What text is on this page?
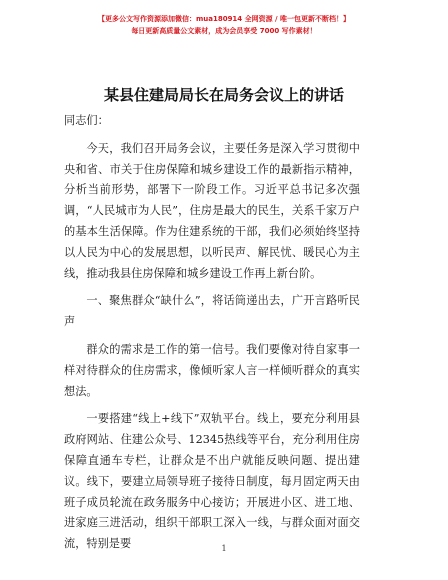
【更多公文写作资源添加微信：mua180914 全网资源 / 唯一包更新不断档！】
每日更新高质量公文素材，成为会员享受 7000 写作素材！
某县住建局局长在局务会议上的讲话

同志们：

今天，我们召开局务会议，主要任务是深入学习贯彻中央和省、市关于住房保障和城乡建设工作的最新指示精神，分析当前形势，部署下一阶段工作。习近平总书记多次强调，“人民城市为人民”，住房是最大的民生，关系千家万户的基本生活保障。作为住建系统的干部，我们必须始终坚持以人民为中心的发展思想，以听民声、解民忧、暖民心为主线，推动我县住房保障和城乡建设工作再上新台阶。

一、聚焦群众“缺什么”，将话筒递出去，广开言路听民声

群众的需求是工作的第一信号。我们要像对待自家事一样对待群众的住房需求，像倾听家人言一样倾听群众的真实想法。

一要搭建“线上+线下”双轨平台。线上，要充分利用县政府网站、住建公众号、12345热线等平台，充分利用住房保障直通车专栏，让群众是不出户就能反映问题、提出建议。线下，要建立局领导班子接待日制度，每月固定两天由班子成员轮流在政务服务中心接访；开展进小区、进工地、进家庭三进活动，组织干部职工深入一线，与群众面对面交流，特别是要	1
